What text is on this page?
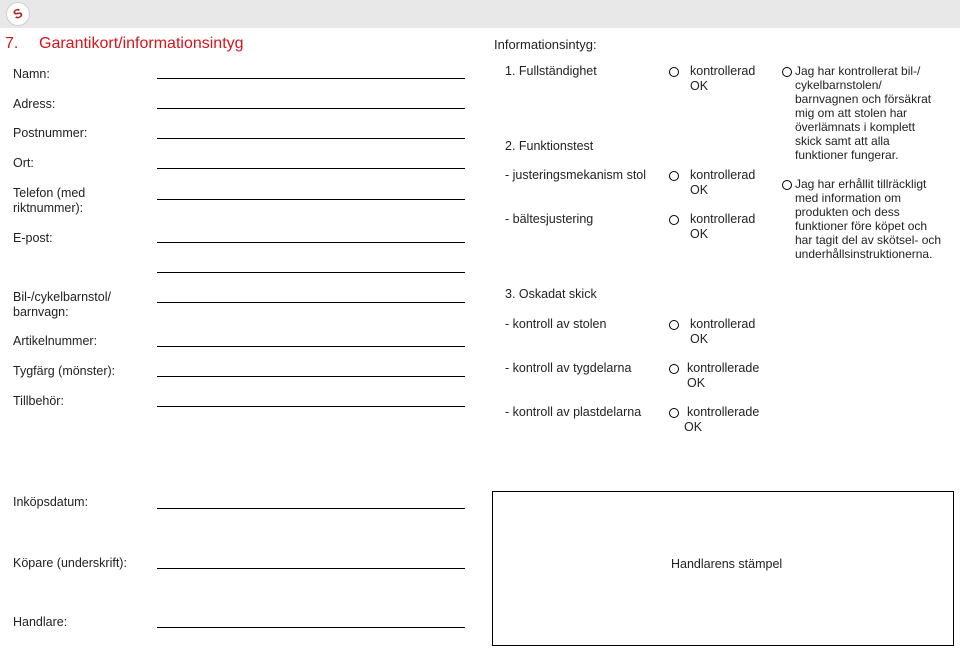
S
7. Garantikort/informationsintyg
Namn:
Adress:
Postnummer:
Ort:
Telefon (med riktnummer):
E-post:
Bil-/cykelbarnstol/ barnvagn:
Artikelnummer:
Tygfärg (mönster):
Tillbehör:
Inköpsdatum:
Köpare (underskrift):
Handlare:
Informationsintyg:
1. Fullständighet	kontrollerad
OK
2. Funktionstest
- justeringsmekanism stol	kontrollerad
OK
- bältesjustering	kontrollerad
OK
3. Oskadat skick
- kontroll av stolen	kontrollerad
OK
- kontroll av tygdelarna	kontrollerade
OK
- kontroll av plastdelarna	kontrollerade
OK
Jag har kontrollerat bil-/ cykelbarnstolen/ barnvagnen och försäkrat mig om att stolen har överlämnats i komplett skick samt att alla funktioner fungerar.
Jag har erhållit tillräckligt med information om produkten och dess funktioner före köpet och har tagit del av skötsel- och underhållsinstruktionerna.
Handlarens stämpel
